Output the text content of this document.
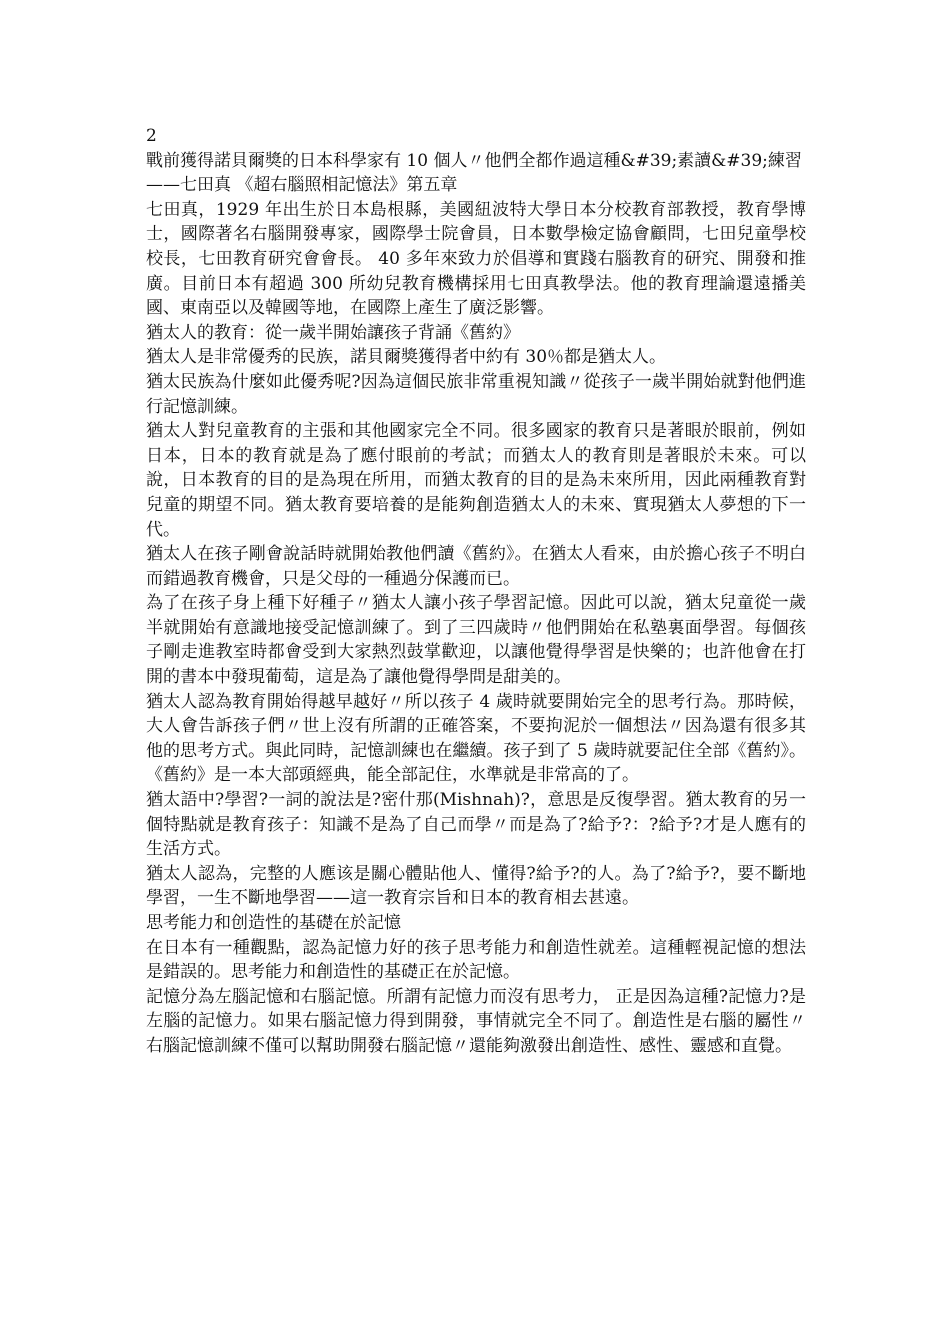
2

戰前獲得諾貝爾獎的日本科學家有 10 個人〃他們全都作過這種&#39;素讀&#39;練習

——七田真 《超右腦照相記憶法》第五章

七田真，1929 年出生於日本島根縣，美國紐波特大學日本分校教育部教授，教育學博士，國際著名右腦開發專家，國際學士院會員，日本數學檢定協會顧問，七田兒童學校校長，七田教育研究會會長。 40 多年來致力於倡導和實踐右腦教育的研究、開發和推廣。目前日本有超過 300 所幼兒教育機構採用七田真教學法。他的教育理論還遠播美國、東南亞以及韓國等地，在國際上產生了廣泛影響。

猶太人的教育：從一歲半開始讓孩子背誦《舊約》

猶太人是非常優秀的民族，諾貝爾獎獲得者中約有 30％都是猶太人。

猶太民族為什麼如此優秀呢?因為這個民旅非常重視知識〃從孩子一歲半開始就對他們進行記憶訓練。

猶太人對兒童教育的主張和其他國家完全不同。很多國家的教育只是著眼於眼前，例如日本，日本的教育就是為了應付眼前的考試；而猶太人的教育則是著眼於未來。可以說，日本教育的目的是為現在所用，而猶太教育的目的是為未來所用，因此兩種教育對兒童的期望不同。猶太教育要培養的是能夠創造猶太人的未來、實現猶太人夢想的下一代。

猶太人在孩子剛會說話時就開始教他們讀《舊約》。在猶太人看來，由於擔心孩子不明白而錯過教育機會，只是父母的一種過分保護而已。

為了在孩子身上種下好種子〃猶太人讓小孩子學習記憶。因此可以說，猶太兒童從一歲半就開始有意識地接受記憶訓練了。到了三四歲時〃他們開始在私塾裏面學習。每個孩子剛走進教室時都會受到大家熱烈鼓掌歡迎，以讓他覺得學習是快樂的；也許他會在打開的書本中發現葡萄，這是為了讓他覺得學問是甜美的。

猶太人認為教育開始得越早越好〃所以孩子 4 歲時就要開始完全的思考行為。那時候，大人會告訴孩子們〃世上沒有所謂的正確答案，不要拘泥於一個想法〃因為還有很多其他的思考方式。與此同時，記憶訓練也在繼續。孩子到了 5 歲時就要記住全部《舊約》。《舊約》是一本大部頭經典，能全部記住，水準就是非常高的了。

猶太語中?學習?一詞的說法是?密什那(Mishnah)?，意思是反復學習。猶太教育的另一個特點就是教育孩子：知識不是為了自己而學〃而是為了?給予?：?給予?才是人應有的生活方式。

猶太人認為，完整的人應该是關心體貼他人、懂得?給予?的人。為了?給予?，要不斷地學習，一生不斷地學習——這一教育宗旨和日本的教育相去甚遠。

思考能力和创造性的基礎在於記憶

在日本有一種觀點，認為記憶力好的孩子思考能力和創造性就差。這種輕視記憶的想法是錯誤的。思考能力和創造性的基礎正在於記憶。

記憶分為左腦記憶和右腦記憶。所謂有記憶力而沒有思考力， 正是因為這種?記憶力?是左腦的記憶力。如果右腦記憶力得到開發，事情就完全不同了。創造性是右腦的屬性〃右腦記憶訓練不僅可以幫助開發右腦記憶〃還能夠激發出創造性、感性、靈感和直覺。
